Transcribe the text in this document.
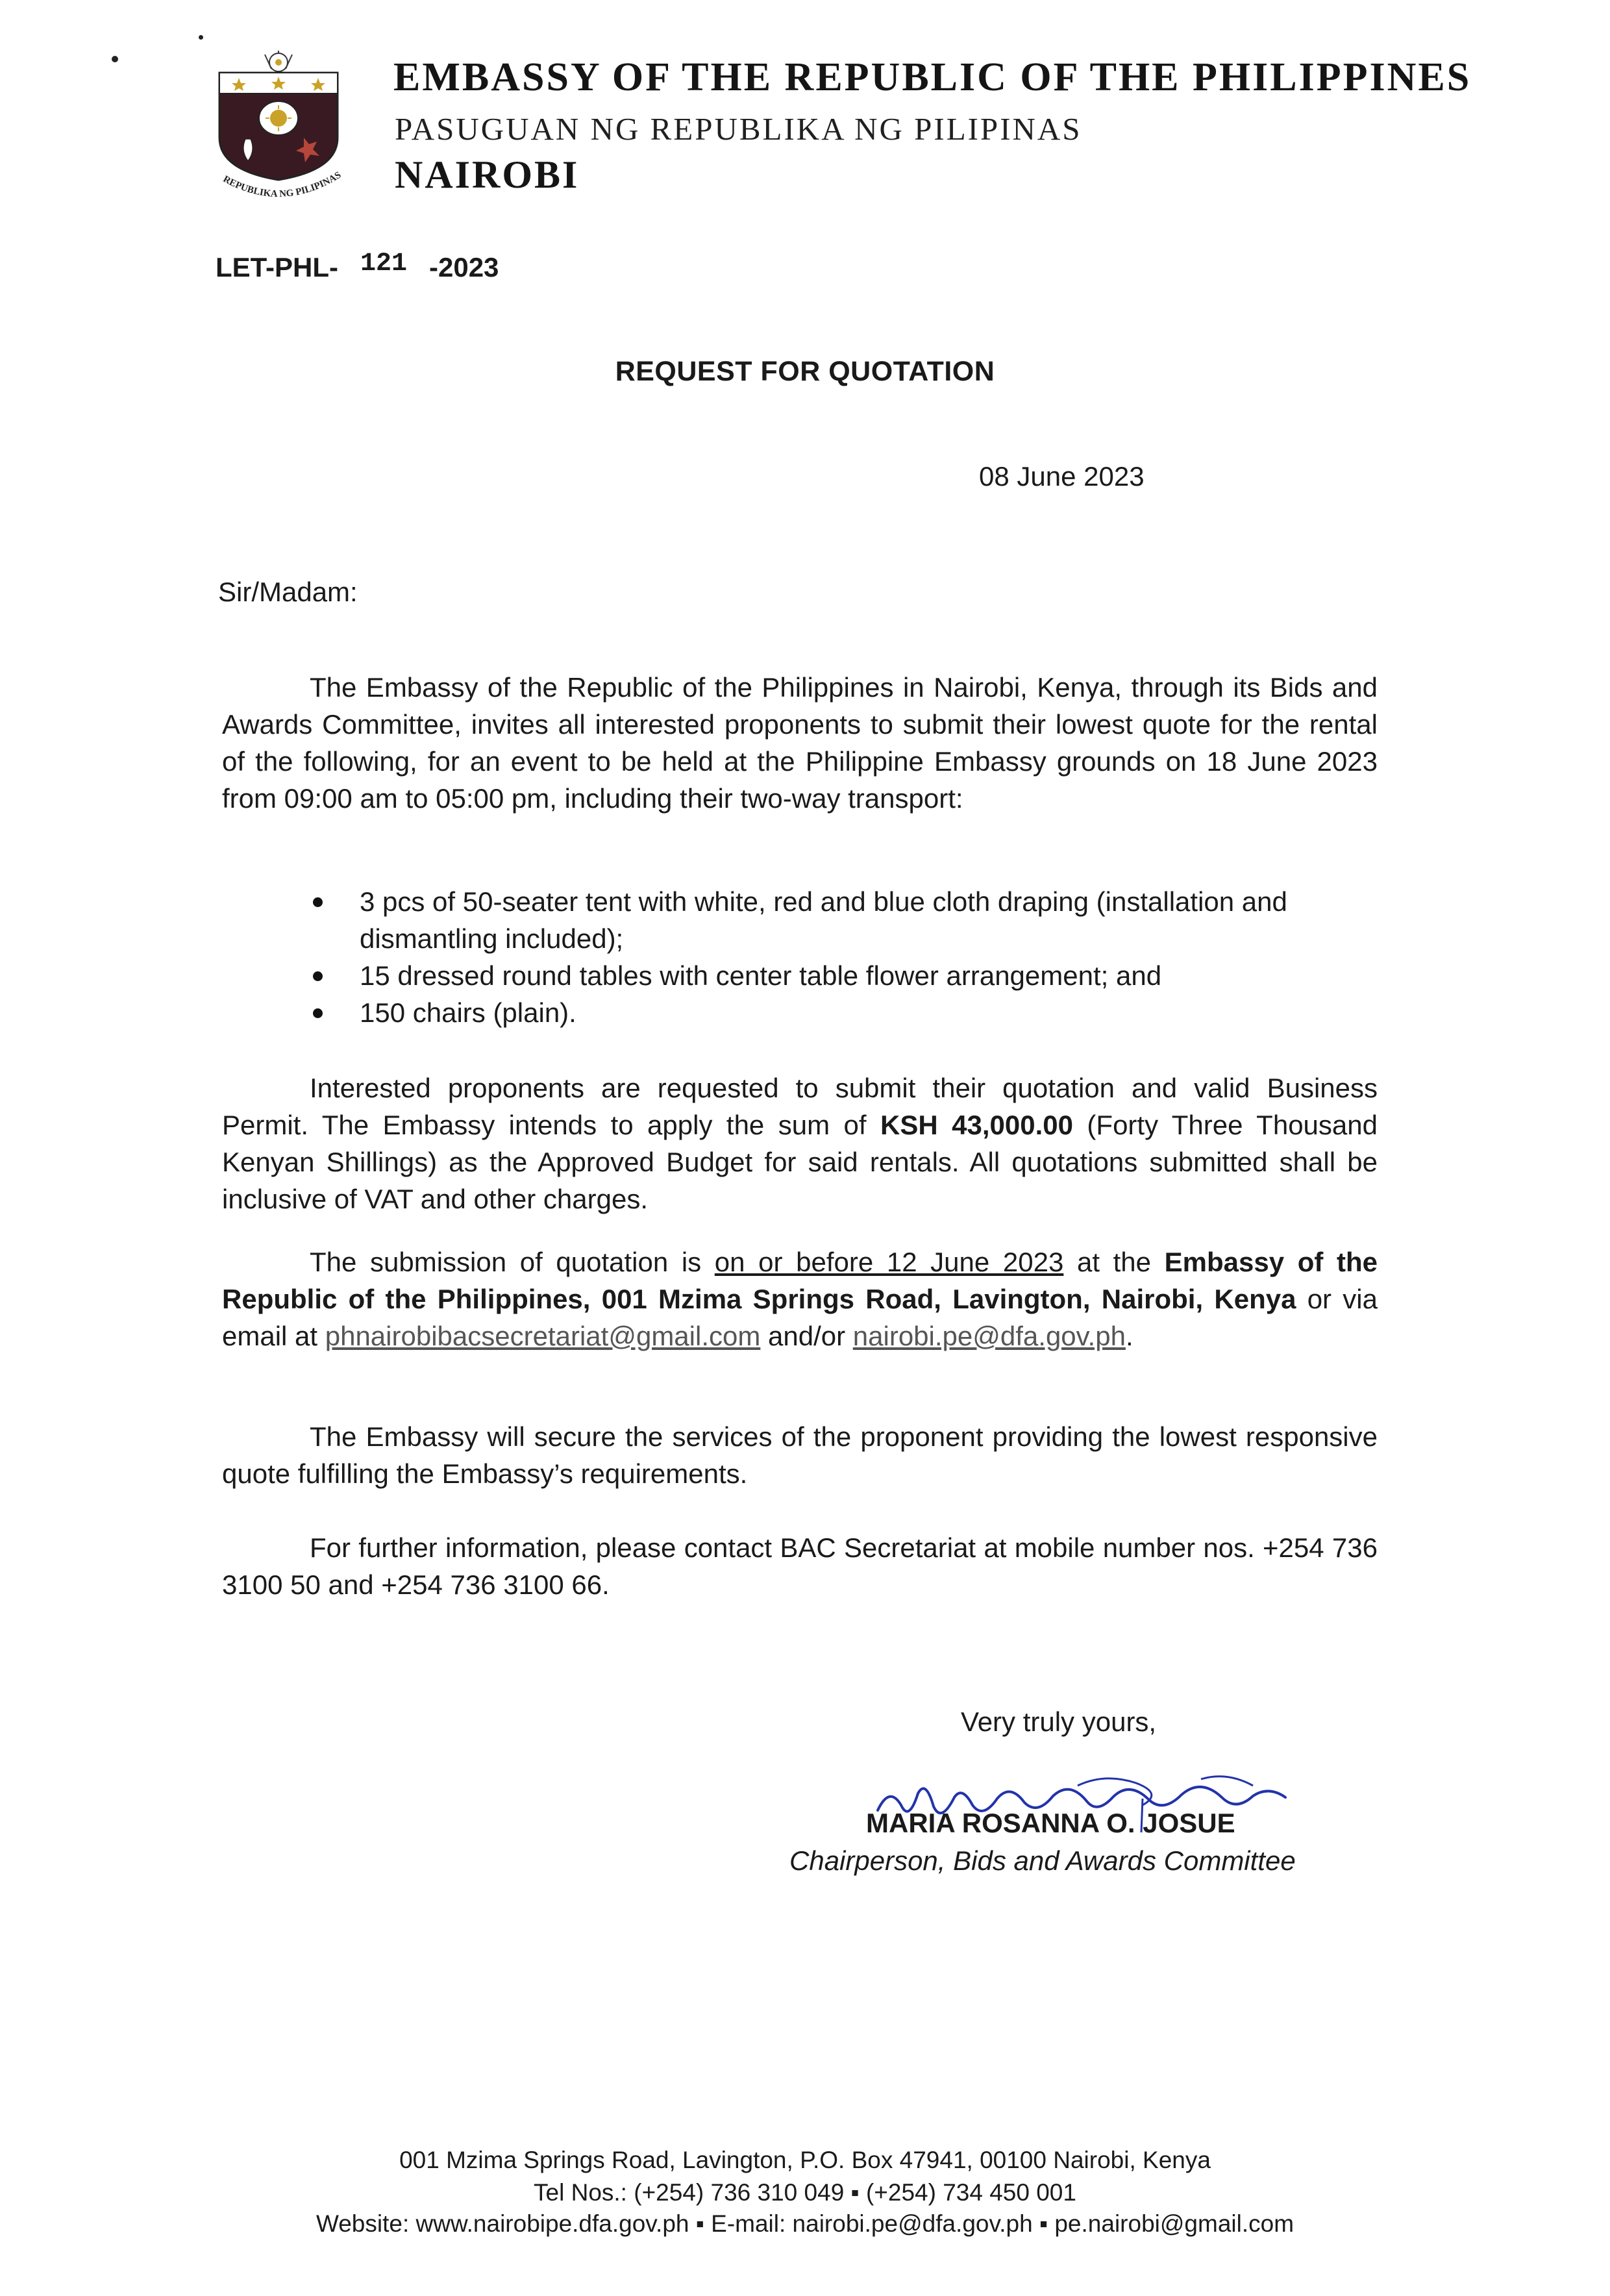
REPUBLIKA NG PILIPINAS
EMBASSY OF THE REPUBLIC OF THE PHILIPPINES
PASUGUAN NG REPUBLIKA NG PILIPINAS
NAIROBI
LET-PHL- 121 -2023
REQUEST FOR QUOTATION
08 June 2023
Sir/Madam:
The Embassy of the Republic of the Philippines in Nairobi, Kenya, through its Bids and Awards Committee, invites all interested proponents to submit their lowest quote for the rental of the following, for an event to be held at the Philippine Embassy grounds on 18 June 2023 from 09:00 am to 05:00 pm, including their two-way transport:
3 pcs of 50-seater tent with white, red and blue cloth draping (installation and dismantling included);
15 dressed round tables with center table flower arrangement; and
150 chairs (plain).
Interested proponents are requested to submit their quotation and valid Business Permit. The Embassy intends to apply the sum of KSH 43,000.00 (Forty Three Thousand Kenyan Shillings) as the Approved Budget for said rentals. All quotations submitted shall be inclusive of VAT and other charges.
The submission of quotation is on or before 12 June 2023 at the Embassy of the Republic of the Philippines, 001 Mzima Springs Road, Lavington, Nairobi, Kenya or via email at phnairobibacsecretariat@gmail.com and/or nairobi.pe@dfa.gov.ph.
The Embassy will secure the services of the proponent providing the lowest responsive quote fulfilling the Embassy’s requirements.
For further information, please contact BAC Secretariat at mobile number nos. +254 736 3100 50 and +254 736 3100 66.
Very truly yours,
MARIA ROSANNA O. JOSUE
Chairperson, Bids and Awards Committee
001 Mzima Springs Road, Lavington, P.O. Box 47941, 00100 Nairobi, Kenya
Tel Nos.: (+254) 736 310 049 ▪ (+254) 734 450 001
Website: www.nairobipe.dfa.gov.ph ▪ E-mail: nairobi.pe@dfa.gov.ph ▪ pe.nairobi@gmail.com
